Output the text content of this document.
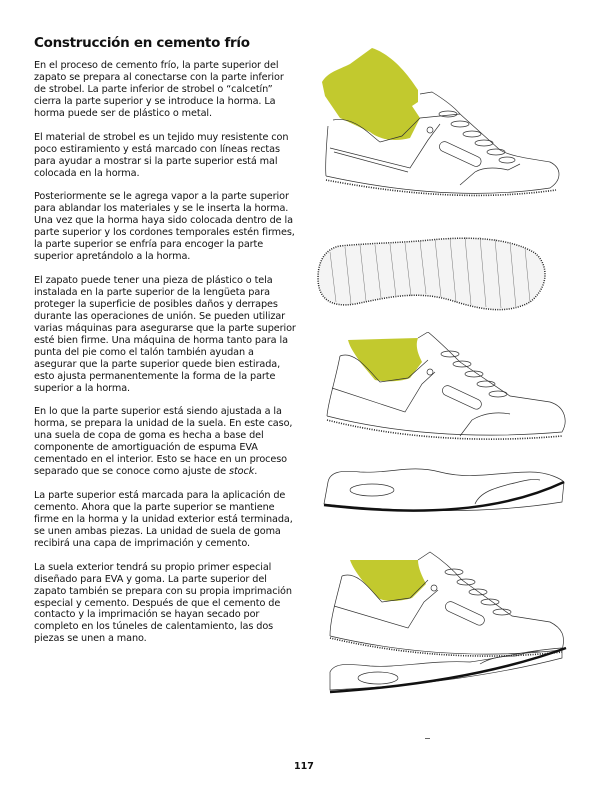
Construcción en cemento frío

En el proceso de cemento frío, la parte superior del zapato se prepara al conectarse con la parte inferior de strobel. La parte inferior de strobel o “calcetín” cierra la parte superior y se introduce la horma. La horma puede ser de plástico o metal.

El material de strobel es un tejido muy resistente con poco estiramiento y está marcado con líneas rectas para ayudar a mostrar si la parte superior está mal colocada en la horma.

Posteriormente se le agrega vapor a la parte superior para ablandar los materiales y se le inserta la horma. Una vez que la horma haya sido colocada dentro de la parte superior y los cordones temporales estén firmes, la parte superior se enfría para encoger la parte superior apretándolo a la horma.

El zapato puede tener una pieza de plástico o tela instalada en la parte superior de la lengüeta para proteger la superficie de posibles daños y derrapes durante las operaciones de unión. Se pueden utilizar varias máquinas para asegurarse que la parte superior esté bien firme. Una máquina de horma tanto para la punta del pie como el talón también ayudan a asegurar que la parte superior quede bien estirada, esto ajusta permanentemente la forma de la parte superior a la horma.

En lo que la parte superior está siendo ajustada a la horma, se prepara la unidad de la suela. En este caso, una suela de copa de goma es hecha a base del componente de amortiguación de espuma EVA cementado en el interior. Esto se hace en un proceso separado que se conoce como ajuste de stock.

La parte superior está marcada para la aplicación de cemento. Ahora que la parte superior se mantiene firme en la horma y la unidad exterior está terminada, se unen ambas piezas. La unidad de suela de goma recibirá una capa de imprimación y cemento.

La suela exterior tendrá su propio primer especial diseñado para EVA y goma. La parte superior del zapato también se prepara con su propia imprimación especial y cemento. Después de que el cemento de contacto y la imprimación se hayan secado por completo en los túneles de calentamiento, las dos piezas se unen a mano.

117
